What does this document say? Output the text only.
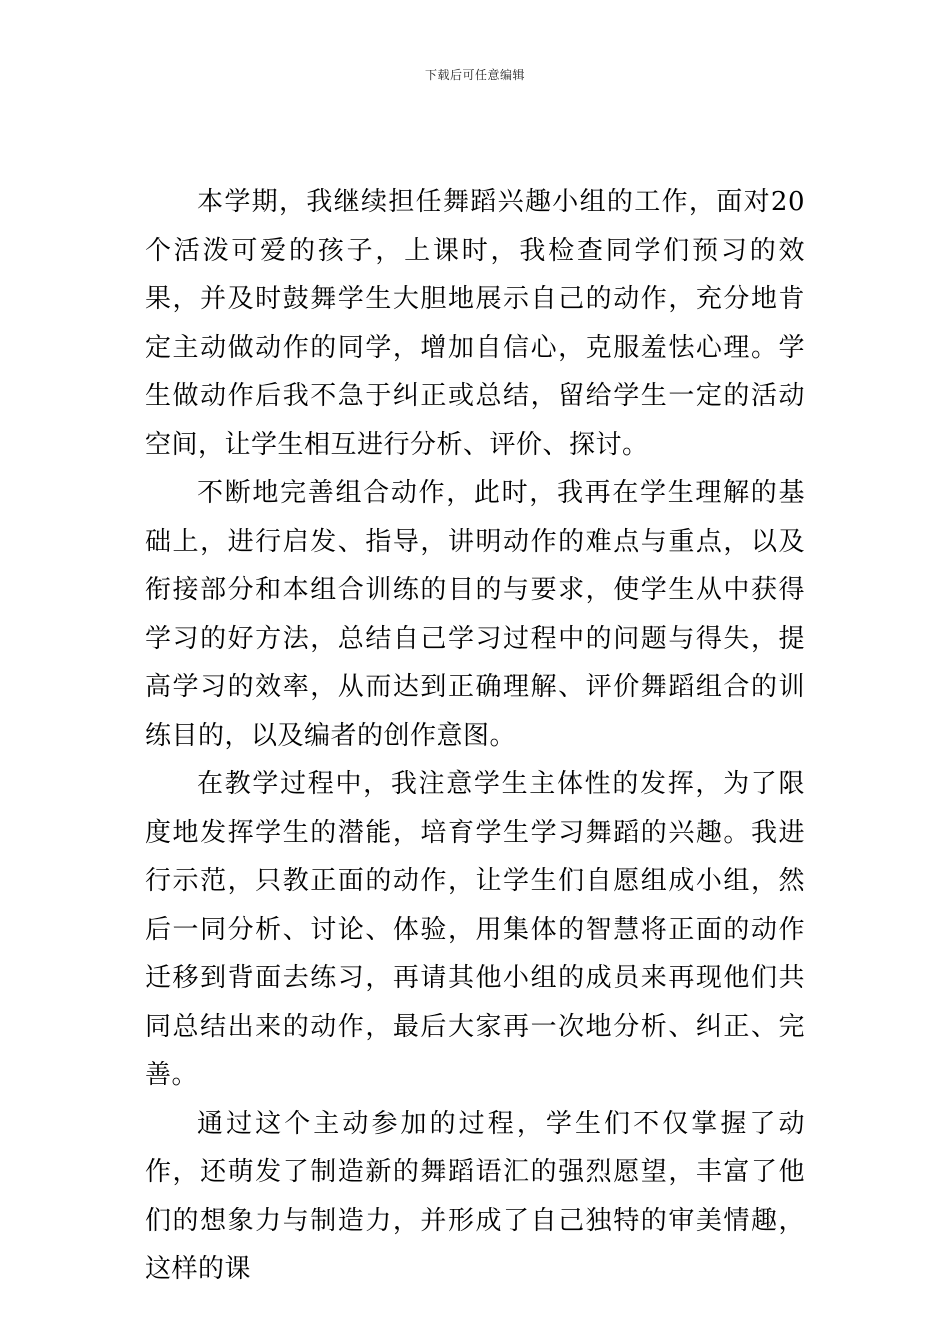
下载后可任意编辑

本学期，我继续担任舞蹈兴趣小组的工作，面对20个活泼可爱的孩子，上课时，我检查同学们预习的效果，并及时鼓舞学生大胆地展示自己的动作，充分地肯定主动做动作的同学，增加自信心，克服羞怯心理。学生做动作后我不急于纠正或总结，留给学生一定的活动空间，让学生相互进行分析、评价、探讨。

不断地完善组合动作，此时，我再在学生理解的基础上，进行启发、指导，讲明动作的难点与重点，以及衔接部分和本组合训练的目的与要求，使学生从中获得学习的好方法，总结自己学习过程中的问题与得失，提高学习的效率，从而达到正确理解、评价舞蹈组合的训练目的，以及编者的创作意图。

在教学过程中，我注意学生主体性的发挥，为了限度地发挥学生的潜能，培育学生学习舞蹈的兴趣。我进行示范，只教正面的动作，让学生们自愿组成小组，然后一同分析、讨论、体验，用集体的智慧将正面的动作迁移到背面去练习，再请其他小组的成员来再现他们共同总结出来的动作，最后大家再一次地分析、纠正、完善。

通过这个主动参加的过程，学生们不仅掌握了动作，还萌发了制造新的舞蹈语汇的强烈愿望，丰富了他们的想象力与制造力，并形成了自己独特的审美情趣，这样的课
